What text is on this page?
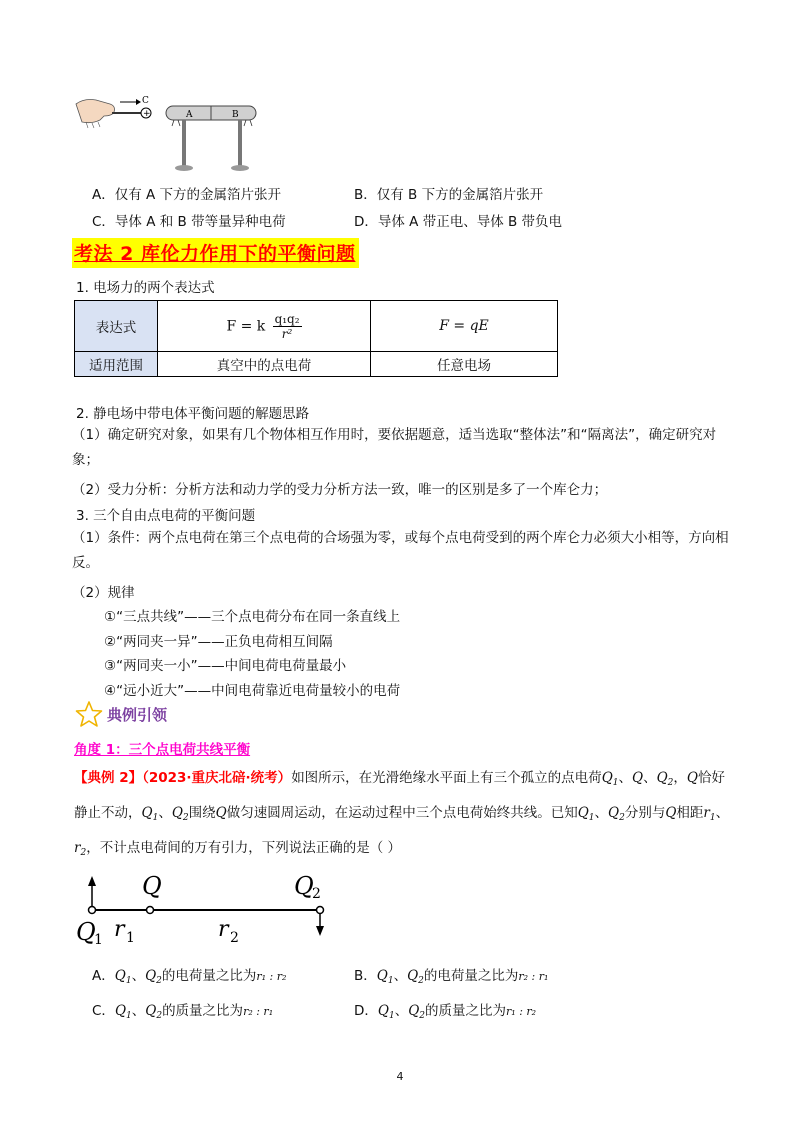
+
C
A	B
A．仅有 A 下方的金属箔片张开	B．仅有 B 下方的金属箔片张开
C．导体 A 和 B 带等量异种电荷	D．导体 A 带正电、导体 B 带负电
考法 2 库伦力作用下的平衡问题
1. 电场力的两个表达式
表达式	F = k $\frac{\text{q₁q₂}}{\text{r²}}$	F = qE
适用范围	真空中的点电荷	任意电场
2. 静电场中带电体平衡问题的解题思路
（1）确定研究对象，如果有几个物体相互作用时，要依据题意，适当选取“整体法”和“隔离法”，确定研究对象；
（2）受力分析：分析方法和动力学的受力分析方法一致，唯一的区别是多了一个库仑力；
3. 三个自由点电荷的平衡问题
（1）条件：两个点电荷在第三个点电荷的合场强为零，或每个点电荷受到的两个库仑力必须大小相等，方向相反。
（2）规律
①“三点共线”——三个点电荷分布在同一条直线上
②“两同夹一异”——正负电荷相互间隔
③“两同夹一小”——中间电荷电荷量最小
④“远小近大”——中间电荷靠近电荷量较小的电荷
典例引领
角度 1：三个点电荷共线平衡
【典例 2】（2023·重庆北碚·统考）如图所示，在光滑绝缘水平面上有三个孤立的点电荷$Q_1$、Q、$Q_2$，Q恰好静止不动，$Q_1$、$Q_2$围绕Q做匀速圆周运动，在运动过程中三个点电荷始终共线。已知$Q_1$、$Q_2$分别与Q相距$r_1$、$r_2$，不计点电荷间的万有引力，下列说法正确的是（ ）
Q	Q
2
Q
1 r 1	r 2
A．$Q_1$、$Q_2$的电荷量之比为r₁ : r₂	B．$Q_1$、$Q_2$的电荷量之比为r₂ : r₁
C．$Q_1$、$Q_2$的质量之比为r₂ : r₁	D．$Q_1$、$Q_2$的质量之比为r₁ : r₂
4
